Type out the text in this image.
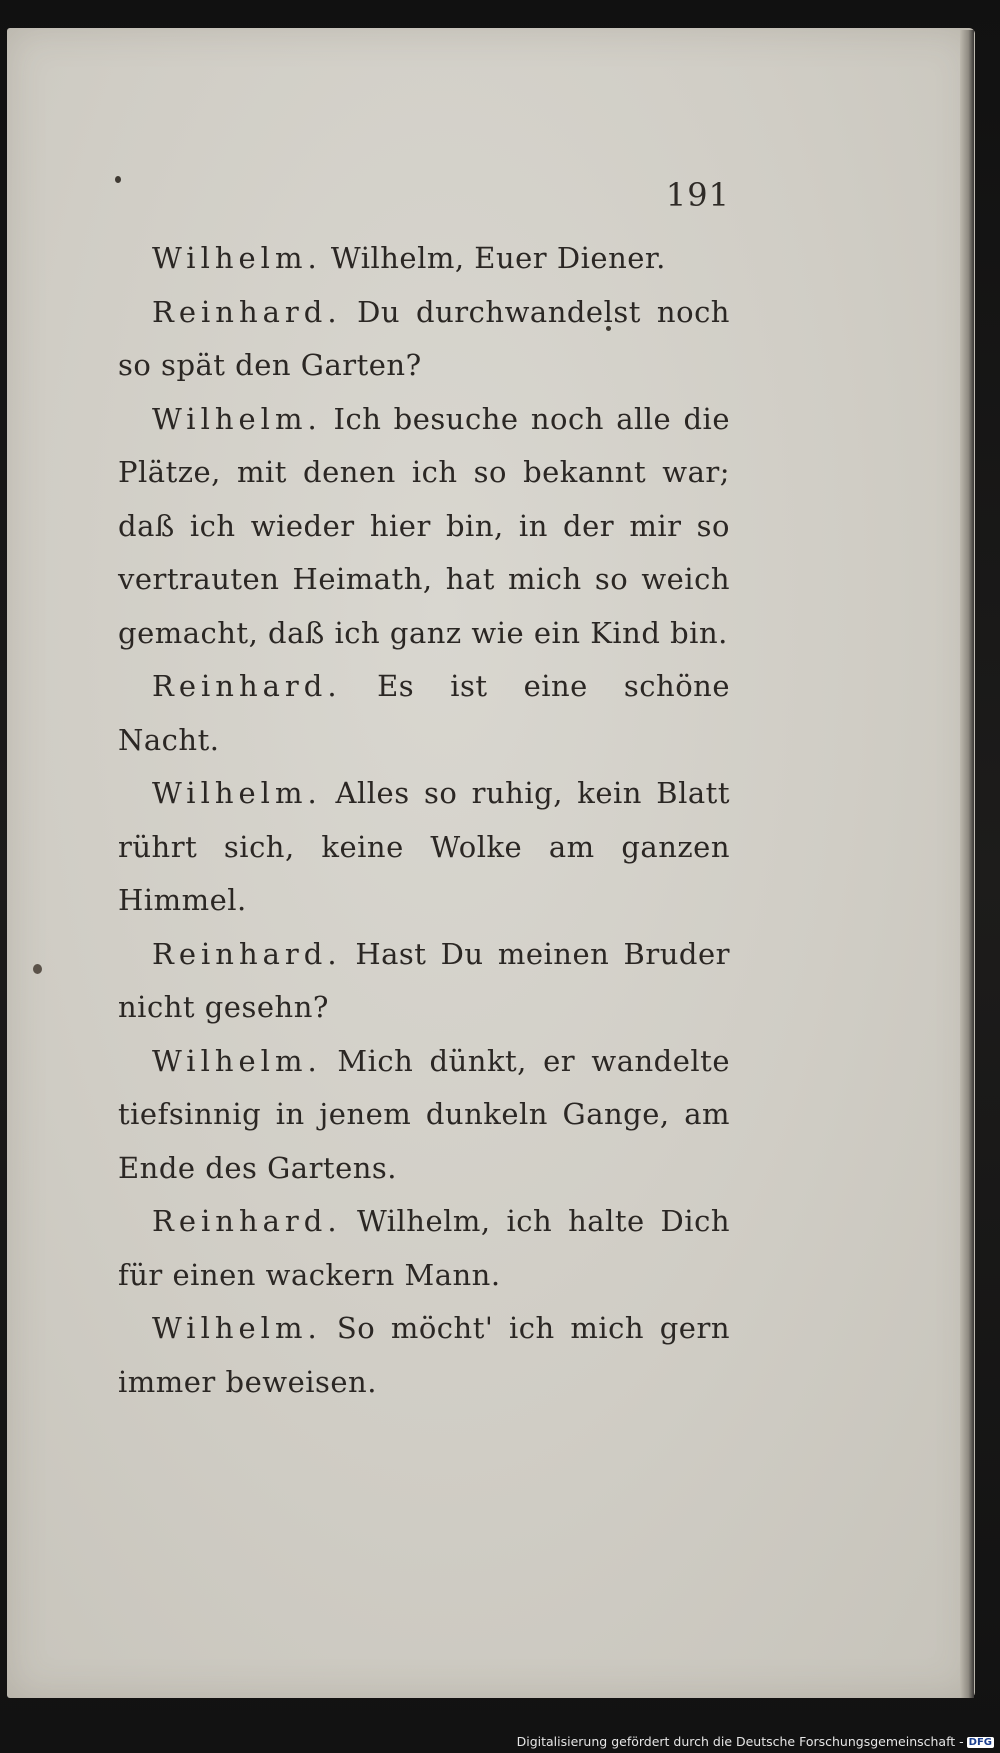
191

Wilhelm. Wilhelm, Euer Diener.

Reinhard. Du durchwandelst noch so spät den Garten?

Wilhelm. Ich besuche noch alle die Plätze, mit denen ich so bekannt war; daß ich wieder hier bin, in der mir so vertrauten Heimath, hat mich so weich gemacht, daß ich ganz wie ein Kind bin.

Reinhard. Es ist eine schöne Nacht.

Wilhelm. Alles so ruhig, kein Blatt rührt sich, keine Wolke am ganzen Himmel.

Reinhard. Hast Du meinen Bruder nicht gesehn?

Wilhelm. Mich dünkt, er wandelte tiefsinnig in jenem dunkeln Gange, am Ende des Gartens.

Reinhard. Wilhelm, ich halte Dich für einen wackern Mann.

Wilhelm. So möcht' ich mich gern immer beweisen.

Digitalisierung gefördert durch die Deutsche Forschungsgemeinschaft - DFG
